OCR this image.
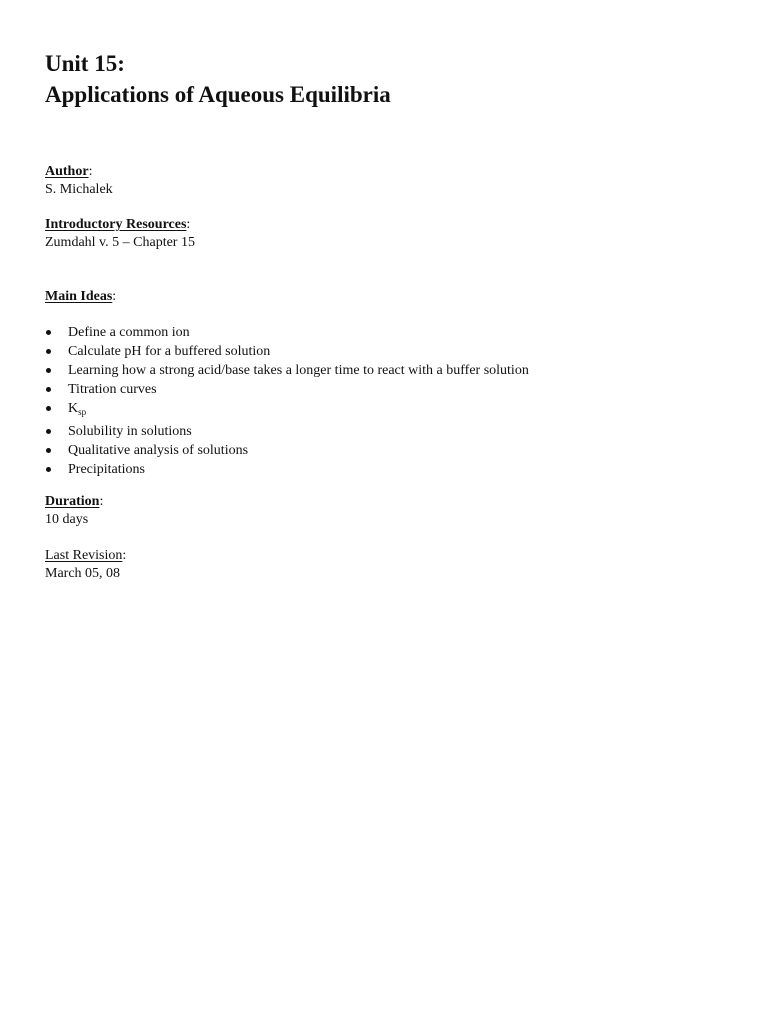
Unit 15:
Applications of Aqueous Equilibria
Author:
S. Michalek
Introductory Resources:
Zumdahl v. 5 – Chapter 15
Main Ideas:
Define a common ion
Calculate pH for a buffered solution
Learning how a strong acid/base takes a longer time to react with a buffer solution
Titration curves
$K_{sp}$
Solubility in solutions
Qualitative analysis of solutions
Precipitations
Duration:
10 days
Last Revision:
March 05, 08
